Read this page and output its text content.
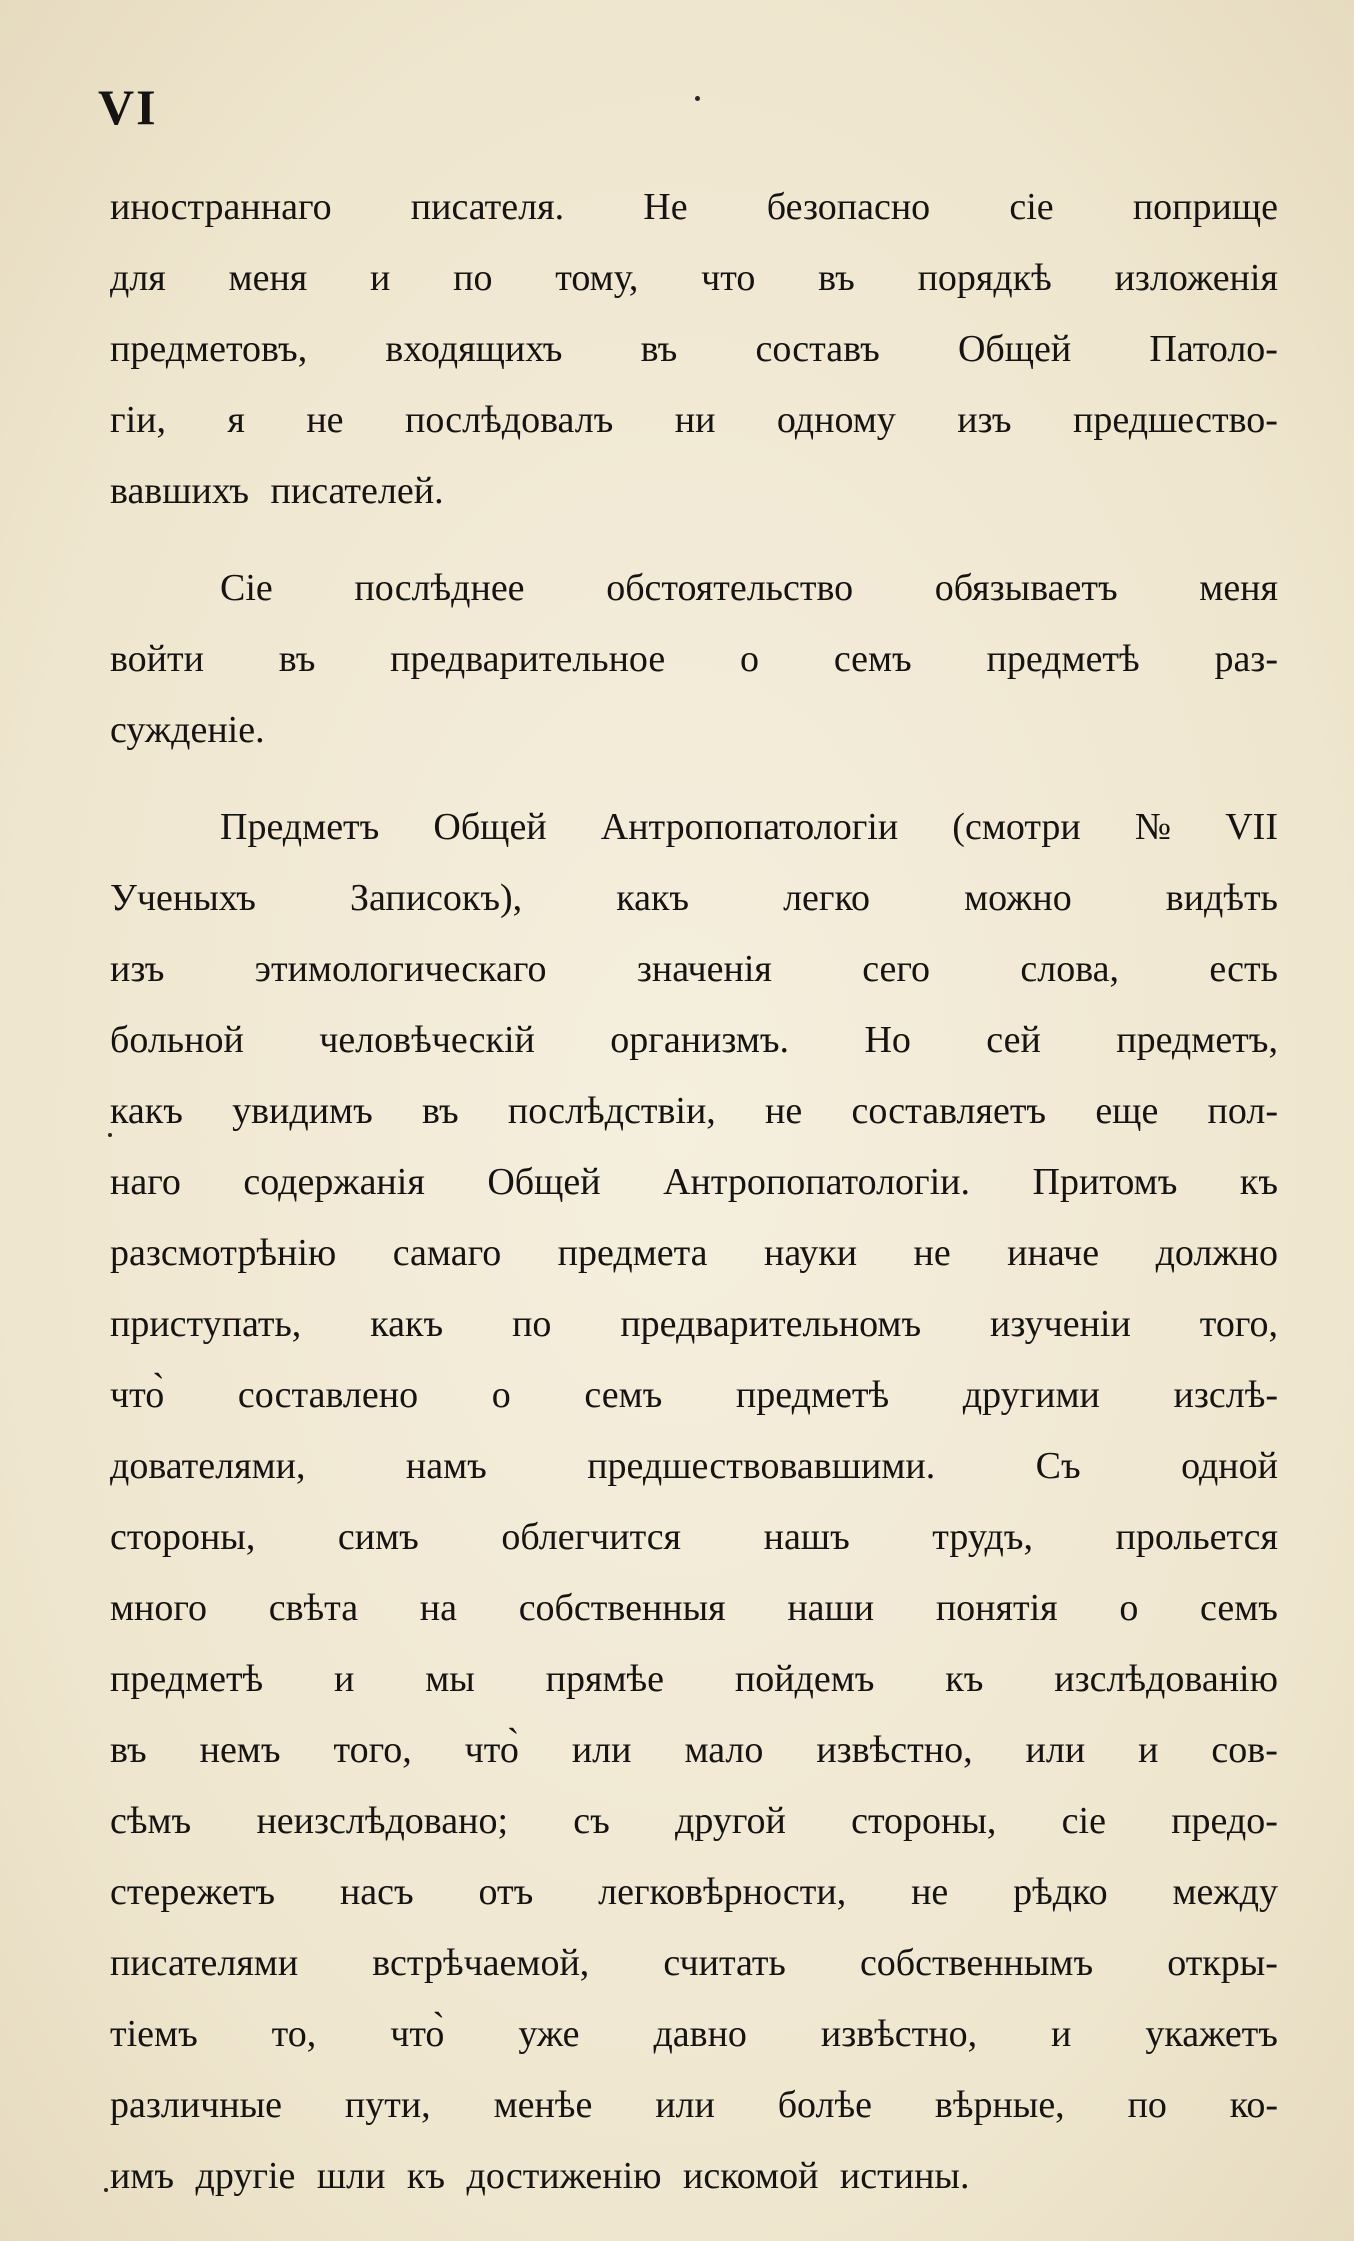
VI
иностраннаго писателя. Не безопасно сіе поприще
для меня и по тому, что въ порядкѣ изложенія
предметовъ, входящихъ въ составъ Общей Патоло-
гіи, я не послѣдовалъ ни одному изъ предшество-
вавшихъ писателей.
Сіе послѣднее обстоятельство обязываетъ меня
войти въ предварительное о семъ предметѣ раз-
сужденіе.
Предметъ Общей Антропопатологіи (смотри № VII
Ученыхъ Записокъ), какъ легко можно видѣть
изъ этимологическаго значенія сего слова, есть
больной человѣческій организмъ. Но сей предметъ,
какъ увидимъ въ послѣдствіи, не составляетъ еще пол-
наго содержанія Общей Антропопатологіи. Притомъ къ
разсмотрѣнію самаго предмета науки не иначе должно
приступать, какъ по предварительномъ изученіи того,
что̀ составлено о семъ предметѣ другими изслѣ-
дователями,	намъ	предшествовавшими.	Съ	одной
стороны, симъ облегчится нашъ трудъ, прольется
много свѣта на собственныя наши понятія о семъ
предметѣ и мы прямѣе пойдемъ къ изслѣдованію
въ немъ того, что̀ или мало извѣстно, или и сов-
сѣмъ неизслѣдовано; съ другой стороны, сіе предо-
стережетъ насъ отъ легковѣрности, не рѣдко между
писателями встрѣчаемой, считать собственнымъ откры-
тіемъ то, что̀ уже давно извѣстно, и укажетъ
различные пути, менѣе или болѣе вѣрные, по ко-
имъ другіе шли къ достиженію искомой истины.
